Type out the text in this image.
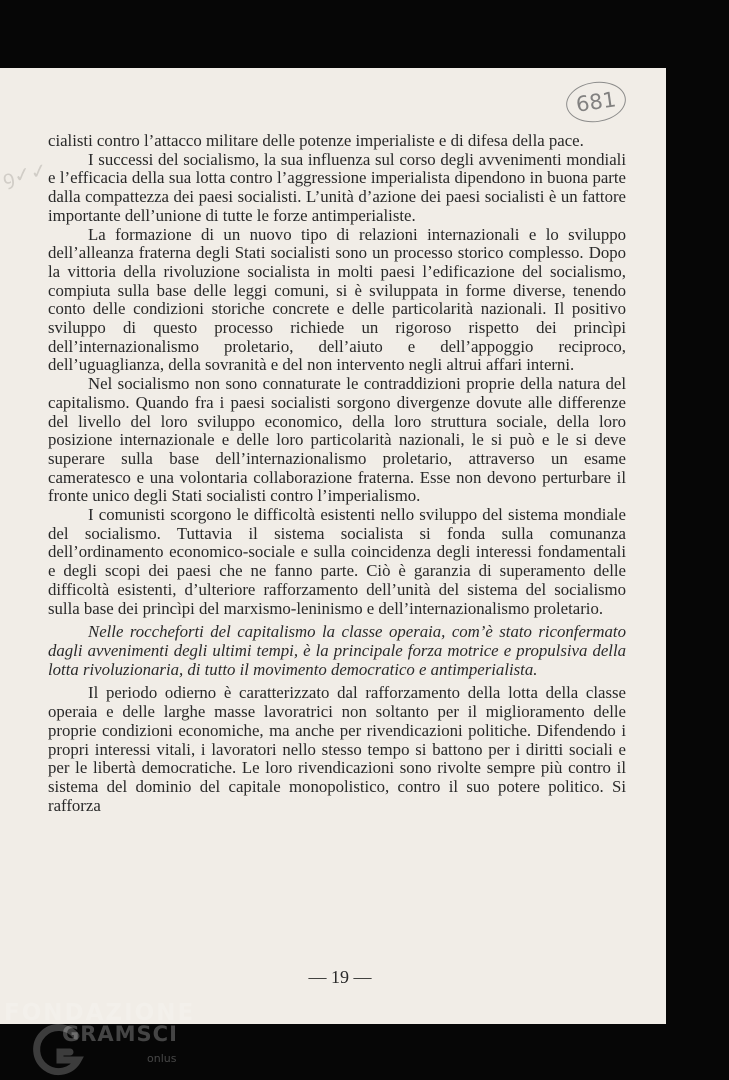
ꝯ✓✓
681

cialisti contro l’attacco militare delle potenze imperialiste e di difesa della pace.

I successi del socialismo, la sua influenza sul corso degli avvenimenti mondiali e l’efficacia della sua lotta contro l’aggressione imperialista dipendono in buona parte dalla compattezza dei paesi socialisti. L’unità d’azione dei paesi socialisti è un fattore importante dell’unione di tutte le forze antimperialiste.

La formazione di un nuovo tipo di relazioni internazionali e lo sviluppo dell’alleanza fraterna degli Stati socialisti sono un processo storico complesso. Dopo la vittoria della rivoluzione socialista in molti paesi l’edificazione del socialismo, compiuta sulla base delle leggi comuni, si è sviluppata in forme diverse, tenendo conto delle condizioni storiche concrete e delle particolarità nazionali. Il positivo sviluppo di questo processo richiede un rigoroso rispetto dei princìpi dell’internazionalismo proletario, dell’aiuto e dell’appoggio reciproco, dell’uguaglianza, della sovranità e del non intervento negli altrui affari interni.

Nel socialismo non sono connaturate le contraddizioni proprie della natura del capitalismo. Quando fra i paesi socialisti sorgono divergenze dovute alle differenze del livello del loro sviluppo economico, della loro struttura sociale, della loro posizione internazionale e delle loro particolarità nazionali, le si può e le si deve superare sulla base dell’internazionalismo proletario, attraverso un esame cameratesco e una volontaria collaborazione fraterna. Esse non devono perturbare il fronte unico degli Stati socialisti contro l’imperialismo.

I comunisti scorgono le difficoltà esistenti nello sviluppo del sistema mondiale del socialismo. Tuttavia il sistema socialista si fonda sulla comunanza dell’ordinamento economico-sociale e sulla coincidenza degli interessi fondamentali e degli scopi dei paesi che ne fanno parte. Ciò è garanzia di superamento delle difficoltà esistenti, d’ulteriore rafforzamento dell’unità del sistema del socialismo sulla base dei princìpi del marxismo-leninismo e dell’internazionalismo proletario.

Nelle roccheforti del capitalismo la classe operaia, com’è stato riconfermato dagli avvenimenti degli ultimi tempi, è la principale forza motrice e propulsiva della lotta rivoluzionaria, di tutto il movimento democratico e antimperialista.

Il periodo odierno è caratterizzato dal rafforzamento della lotta della classe operaia e delle larghe masse lavoratrici non soltanto per il miglioramento delle proprie condizioni economiche, ma anche per rivendicazioni politiche. Difendendo i propri interessi vitali, i lavoratori nello stesso tempo si battono per i diritti sociali e per le libertà democratiche. Le loro rivendicazioni sono rivolte sempre più contro il sistema del dominio del capitale monopolistico, contro il suo potere politico. Si rafforza

— 19 —
GRAMSCI
onlus
